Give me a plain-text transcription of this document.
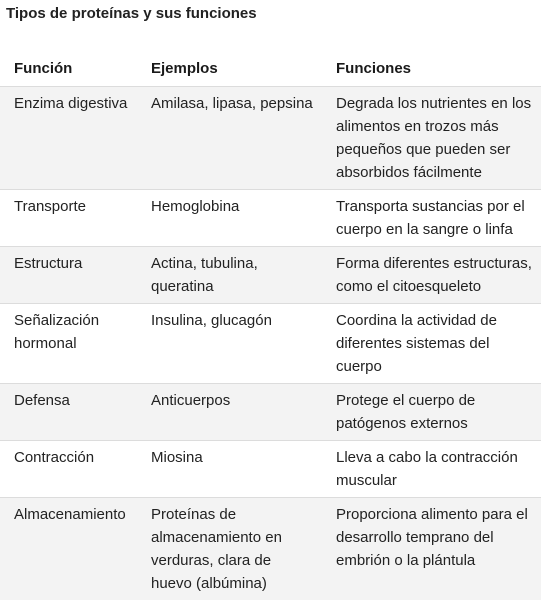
Tipos de proteínas y sus funciones
Función	Ejemplos	Funciones
Enzima digestiva	Amilasa, lipasa, pepsina	Degrada los nutrientes en los alimentos en trozos más pequeños que pueden ser absorbidos fácilmente
Transporte	Hemoglobina	Transporta sustancias por el cuerpo en la sangre o linfa
Estructura	Actina, tubulina, queratina	Forma diferentes estructuras, como el citoesqueleto
Señalización hormonal	Insulina, glucagón	Coordina la actividad de diferentes sistemas del cuerpo
Defensa	Anticuerpos	Protege el cuerpo de patógenos externos
Contracción	Miosina	Lleva a cabo la contracción muscular
Almacenamiento	Proteínas de almacenamiento en verduras, clara de huevo (albúmina)	Proporciona alimento para el desarrollo temprano del embrión o la plántula
